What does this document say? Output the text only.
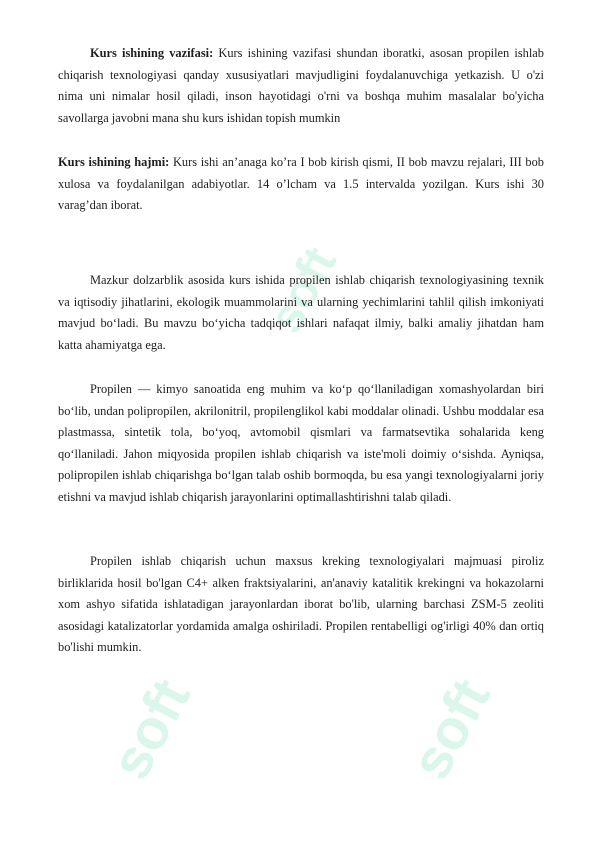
soft	soft
soft

Kurs ishining vazifasi: Kurs ishining vazifasi shundan iboratki, asosan propilen ishlab chiqarish texnologiyasi qanday xususiyatlari mavjudligini foydalanuvchiga yetkazish. U o'zi nima uni nimalar hosil qiladi, inson hayotidagi o'rni va boshqa muhim masalalar bo'yicha savollarga javobni mana shu kurs ishidan topish mumkin

Kurs ishining hajmi: Kurs ishi an’anaga ko’ra I bob kirish qismi, II bob mavzu rejalari, III bob xulosa va foydalanilgan adabiyotlar. 14 o’lcham va 1.5 intervalda yozilgan. Kurs ishi 30 varag’dan iborat.

Mazkur dolzarblik asosida kurs ishida propilen ishlab chiqarish texnologiyasining texnik va iqtisodiy jihatlarini, ekologik muammolarini va ularning yechimlarini tahlil qilish imkoniyati mavjud bo‘ladi. Bu mavzu bo‘yicha tadqiqot ishlari nafaqat ilmiy, balki amaliy jihatdan ham katta ahamiyatga ega.

Propilen — kimyo sanoatida eng muhim va ko‘p qo‘llaniladigan xomashyolardan biri bo‘lib, undan polipropilen, akrilonitril, propilenglikol kabi moddalar olinadi. Ushbu moddalar esa plastmassa, sintetik tola, bo‘yoq, avtomobil qismlari va farmatsevtika sohalarida keng qo‘llaniladi. Jahon miqyosida propilen ishlab chiqarish va iste'moli doimiy o‘sishda. Ayniqsa, polipropilen ishlab chiqarishga bo‘lgan talab oshib bormoqda, bu esa yangi texnologiyalarni joriy etishni va mavjud ishlab chiqarish jarayonlarini optimallashtirishni talab qiladi.

Propilen ishlab chiqarish uchun maxsus kreking texnologiyalari majmuasi piroliz birliklarida hosil bo'lgan C4+ alken fraktsiyalarini, an'anaviy katalitik krekingni va hokazolarni xom ashyo sifatida ishlatadigan jarayonlardan iborat bo'lib, ularning barchasi ZSM-5 zeoliti asosidagi katalizatorlar yordamida amalga oshiriladi. Propilen rentabelligi og'irligi 40% dan ortiq bo'lishi mumkin.
